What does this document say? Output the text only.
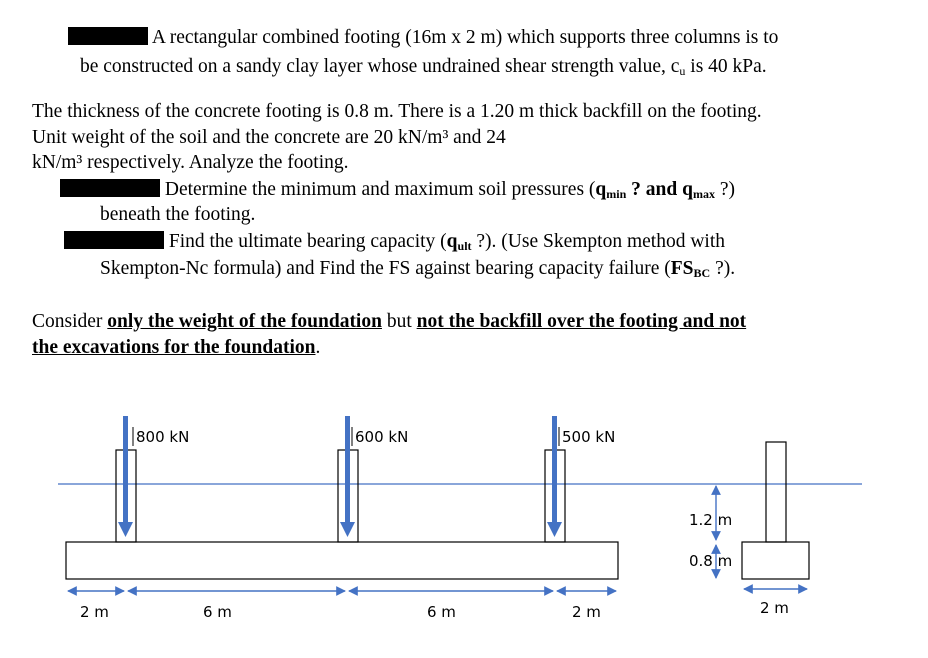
A rectangular combined footing (16m x 2 m) which supports three columns is to
be constructed on a sandy clay layer whose undrained shear strength value, $c_u$ is 40 kPa.
The thickness of the concrete footing is 0.8 m. There is a 1.20 m thick backfill on the footing.
Unit weight of the soil and the concrete are 20 kN/m³ and 24
kN/m³ respectively. Analyze the footing.
Determine the minimum and maximum soil pressures ($q_{min}$ ? and $q_{max}$ ?)
beneath the footing.
Find the ultimate bearing capacity ($q_{ult}$ ?). (Use Skempton method with
Skempton-Nc formula) and Find the FS against bearing capacity failure ($FS_{BC}$ ?).
Consider only the weight of the foundation but not the backfill over the footing and not
the excavations for the foundation.
800 kN	600 kN	500 kN
2 m	6 m	6 m	2 m
1.2 m
0.8 m
2 m
